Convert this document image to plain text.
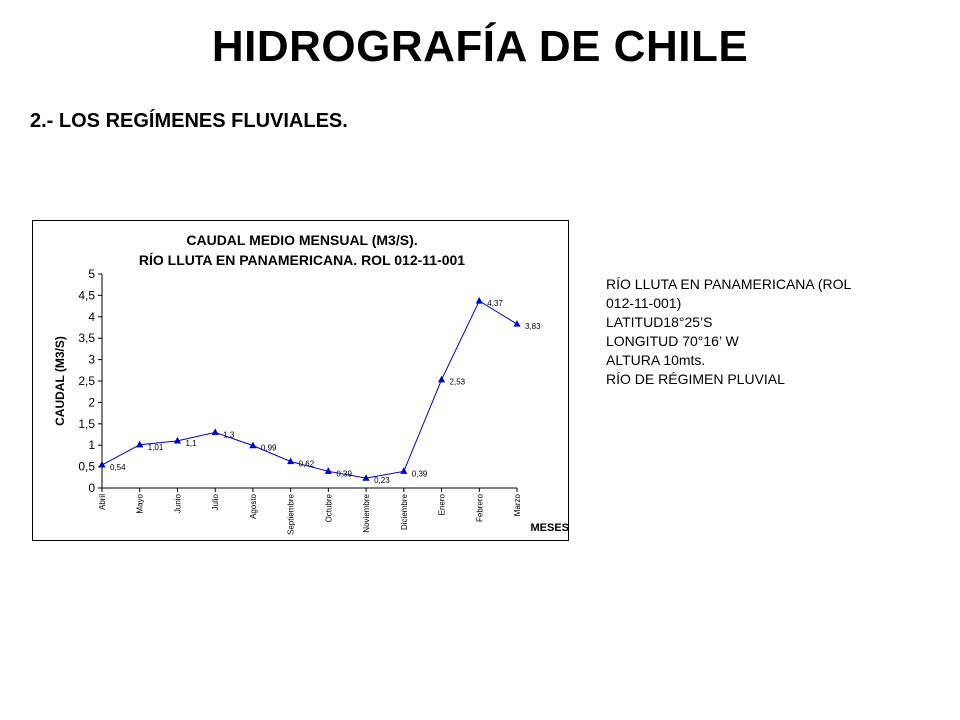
HIDROGRAFÍA DE CHILE
2.- LOS REGÍMENES FLUVIALES.
CAUDAL MEDIO MENSUAL (M3/S).
RÍO LLUTA EN PANAMERICANA. ROL 012-11-001
CAUDAL (M3/S)
MESES
0
0,5
1
1,5
2
2,5
3
3,5
4
4,5
5
Abril	Mayo	Junio	Julio	Agosto	Septiembre	Octubre	Noviembre	Diciembre	Enero	Febrero	Marzo
0,54
1,01	1,1
1,3
0,99
0,62
0,39
0,23
0,39
2,53
4,37
3,83
RÍO LLUTA EN PANAMERICANA (ROL
012-11-001)
LATITUD18°25’S
LONGITUD 70°16’ W
ALTURA 10mts.
RÍO DE RÉGIMEN PLUVIAL
